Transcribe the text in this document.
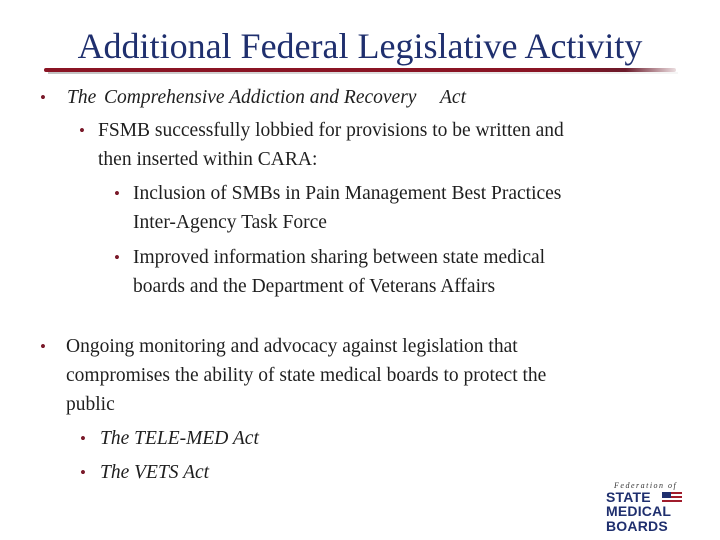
Additional Federal Legislative Activity
• The Comprehensive Addiction and Recovery Act
• FSMB successfully lobbied for provisions to be written and
then inserted within CARA:
• Inclusion of SMBs in Pain Management Best Practices
Inter-Agency Task Force
• Improved information sharing between state medical
boards and the Department of Veterans Affairs
• Ongoing monitoring and advocacy against legislation that
compromises the ability of state medical boards to protect the
public
• The TELE-MED Act
• The VETS Act
Federation of
STATE
MEDICAL
BOARDS
